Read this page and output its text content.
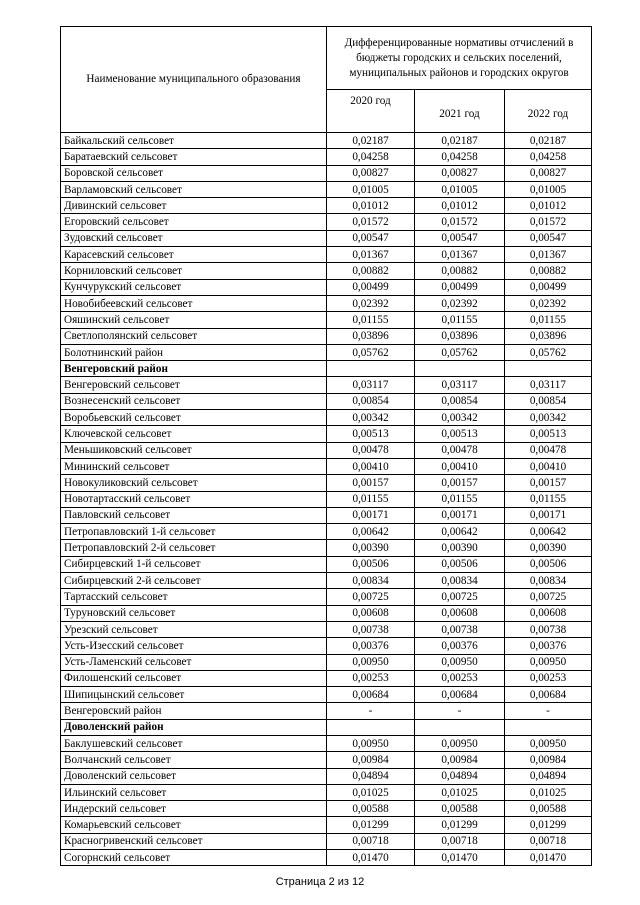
Наименование муниципального образования	Дифференцированные нормативы отчислений в бюджеты городских и сельских поселений, муниципальных районов и городских округов		
	2020 год	2021 год	2022 год
Байкальский сельсовет	0,02187	0,02187	0,02187
Баратаевский сельсовет	0,04258	0,04258	0,04258
Боровской сельсовет	0,00827	0,00827	0,00827
Варламовский сельсовет	0,01005	0,01005	0,01005
Дивинский сельсовет	0,01012	0,01012	0,01012
Егоровский сельсовет	0,01572	0,01572	0,01572
Зудовский сельсовет	0,00547	0,00547	0,00547
Карасевский сельсовет	0,01367	0,01367	0,01367
Корниловский сельсовет	0,00882	0,00882	0,00882
Кунчурукский сельсовет	0,00499	0,00499	0,00499
Новобибеевский сельсовет	0,02392	0,02392	0,02392
Ояшинский сельсовет	0,01155	0,01155	0,01155
Светлополянский сельсовет	0,03896	0,03896	0,03896
Болотнинский район	0,05762	0,05762	0,05762
Венгеровский район			
Венгеровский сельсовет	0,03117	0,03117	0,03117
Вознесенский сельсовет	0,00854	0,00854	0,00854
Воробьевский сельсовет	0,00342	0,00342	0,00342
Ключевской сельсовет	0,00513	0,00513	0,00513
Меньшиковский сельсовет	0,00478	0,00478	0,00478
Мининский сельсовет	0,00410	0,00410	0,00410
Новокуликовский сельсовет	0,00157	0,00157	0,00157
Новотартасский сельсовет	0,01155	0,01155	0,01155
Павловский сельсовет	0,00171	0,00171	0,00171
Петропавловский 1-й сельсовет	0,00642	0,00642	0,00642
Петропавловский 2-й сельсовет	0,00390	0,00390	0,00390
Сибирцевский 1-й сельсовет	0,00506	0,00506	0,00506
Сибирцевский 2-й сельсовет	0,00834	0,00834	0,00834
Тартасский сельсовет	0,00725	0,00725	0,00725
Туруновский сельсовет	0,00608	0,00608	0,00608
Урезский сельсовет	0,00738	0,00738	0,00738
Усть-Изесский сельсовет	0,00376	0,00376	0,00376
Усть-Ламенский сельсовет	0,00950	0,00950	0,00950
Филошенский сельсовет	0,00253	0,00253	0,00253
Шипицынский сельсовет	0,00684	0,00684	0,00684
Венгеровский район	-	-	-
Доволенский район			
Баклушевский сельсовет	0,00950	0,00950	0,00950
Волчанский сельсовет	0,00984	0,00984	0,00984
Доволенский сельсовет	0,04894	0,04894	0,04894
Ильинский сельсовет	0,01025	0,01025	0,01025
Индерский сельсовет	0,00588	0,00588	0,00588
Комарьевский сельсовет	0,01299	0,01299	0,01299
Красногривенский сельсовет	0,00718	0,00718	0,00718
Согорнский сельсовет	0,01470	0,01470	0,01470
Страница 2 из 12
